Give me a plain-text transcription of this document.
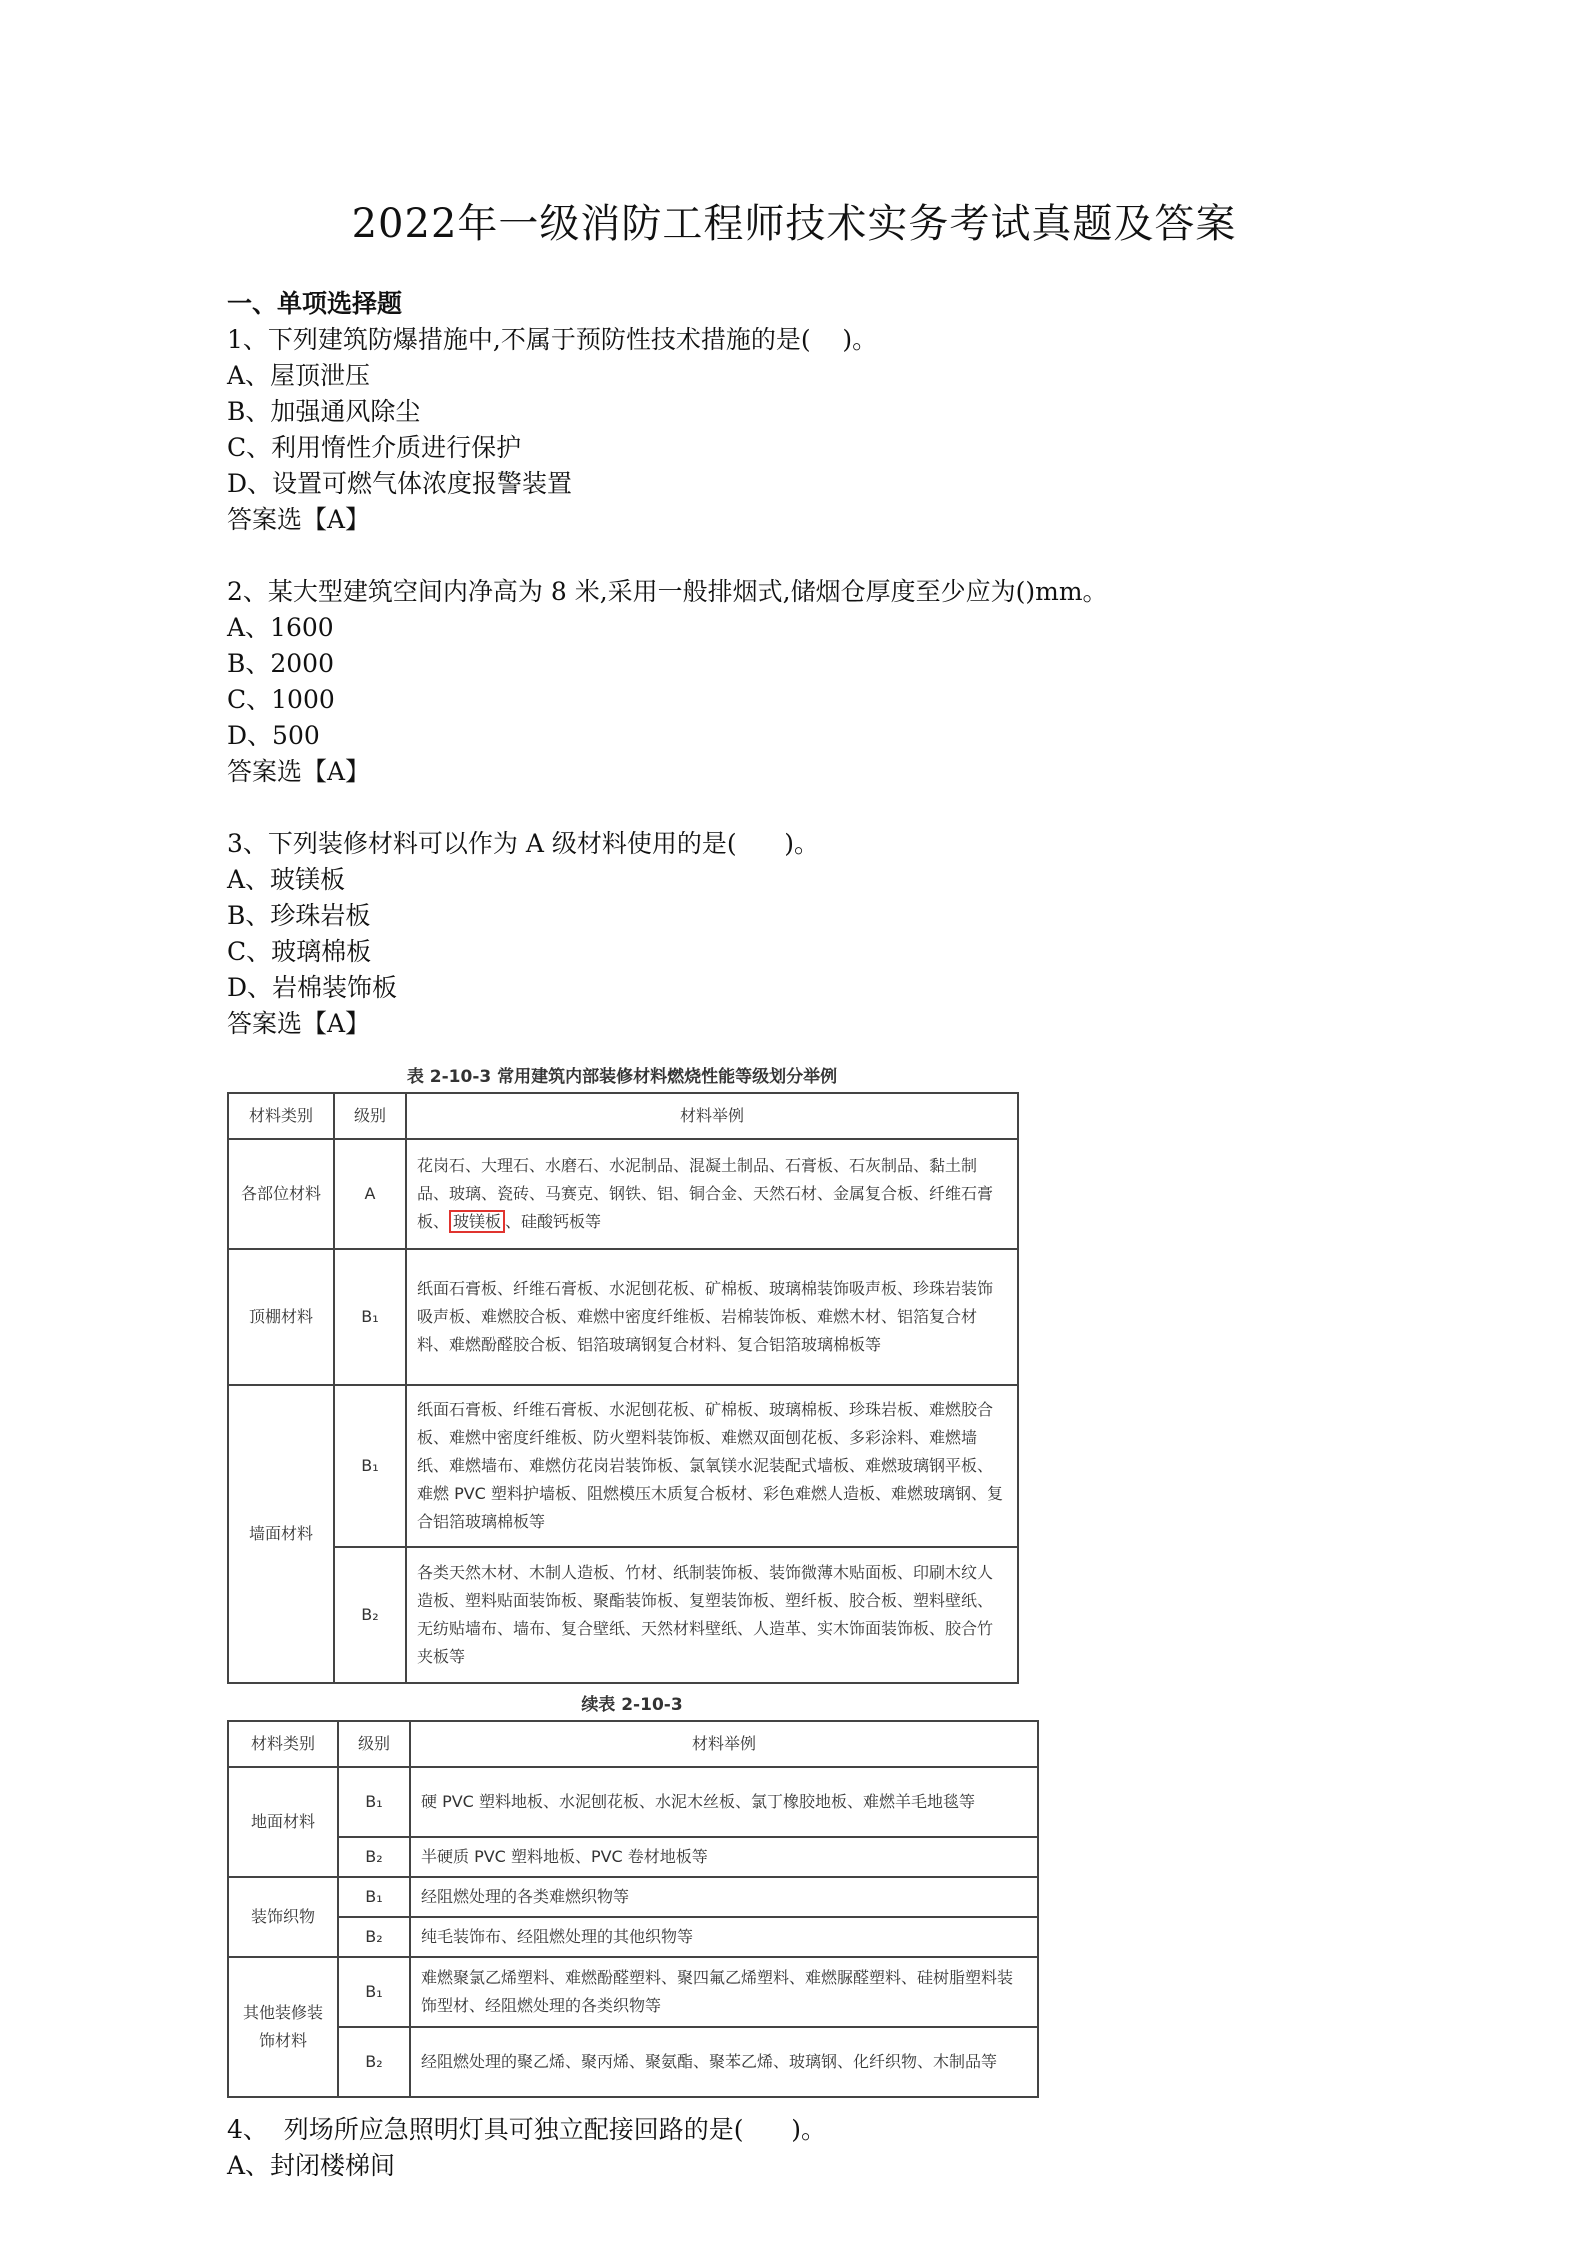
2022年一级消防工程师技术实务考试真题及答案
一、单项选择题
1、下列建筑防爆措施中,不属于预防性技术措施的是(    )。
A、屋顶泄压
B、加强通风除尘
C、利用惰性介质进行保护
D、设置可燃气体浓度报警装置
答案选【A】
2、某大型建筑空间内净高为 8 米,采用一般排烟式,储烟仓厚度至少应为()mm。
A、1600
B、2000
C、1000
D、500
答案选【A】
3、下列装修材料可以作为 A 级材料使用的是(      )。
A、玻镁板
B、珍珠岩板
C、玻璃棉板
D、岩棉装饰板
答案选【A】
表 2-10-3 常用建筑内部装修材料燃烧性能等级划分举例
材料类别	级别	材料举例
各部位材料	A	花岗石、大理石、水磨石、水泥制品、混凝土制品、石膏板、石灰制品、黏土制品、玻璃、瓷砖、马赛克、钢铁、铝、铜合金、天然石材、金属复合板、纤维石膏板、 玻镁板 、硅酸钙板等
顶棚材料	B₁	纸面石膏板、纤维石膏板、水泥刨花板、矿棉板、玻璃棉装饰吸声板、珍珠岩装饰吸声板、难燃胶合板、难燃中密度纤维板、岩棉装饰板、难燃木材、铝箔复合材料、难燃酚醛胶合板、铝箔玻璃钢复合材料、复合铝箔玻璃棉板等
墙面材料	B₁	纸面石膏板、纤维石膏板、水泥刨花板、矿棉板、玻璃棉板、珍珠岩板、难燃胶合板、难燃中密度纤维板、防火塑料装饰板、难燃双面刨花板、多彩涂料、难燃墙纸、难燃墙布、难燃仿花岗岩装饰板、氯氧镁水泥装配式墙板、难燃玻璃钢平板、难燃 PVC 塑料护墙板、阻燃模压木质复合板材、彩色难燃人造板、难燃玻璃钢、复合铝箔玻璃棉板等
	B₂	各类天然木材、木制人造板、竹材、纸制装饰板、装饰微薄木贴面板、印刷木纹人造板、塑料贴面装饰板、聚酯装饰板、复塑装饰板、塑纤板、胶合板、塑料壁纸、无纺贴墙布、墙布、复合壁纸、天然材料壁纸、人造革、实木饰面装饰板、胶合竹夹板等
续表 2-10-3
材料类别	级别	材料举例
地面材料	B₁	硬 PVC 塑料地板、水泥刨花板、水泥木丝板、氯丁橡胶地板、难燃羊毛地毯等
	B₂	半硬质 PVC 塑料地板、PVC 卷材地板等
装饰织物	B₁	经阻燃处理的各类难燃织物等
	B₂	纯毛装饰布、经阻燃处理的其他织物等
其他装修装饰材料	B₁	难燃聚氯乙烯塑料、难燃酚醛塑料、聚四氟乙烯塑料、难燃脲醛塑料、硅树脂塑料装饰型材、经阻燃处理的各类织物等
	B₂	经阻燃处理的聚乙烯、聚丙烯、聚氨酯、聚苯乙烯、玻璃钢、化纤织物、木制品等
4、  列场所应急照明灯具可独立配接回路的是(      )。
A、封闭楼梯间
